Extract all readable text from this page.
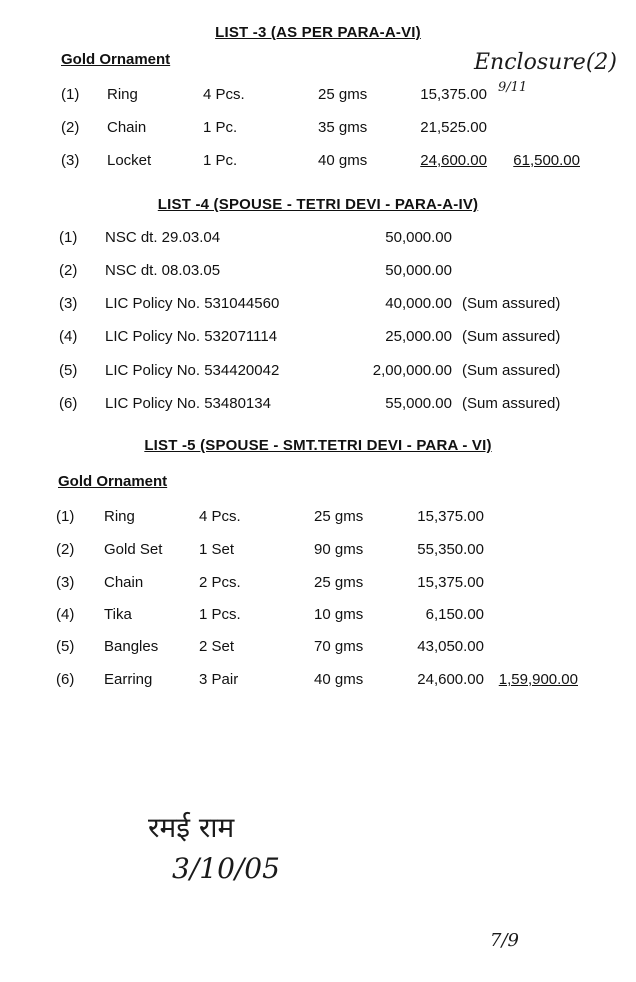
LIST -3 (AS PER PARA-A-VI)
Gold Ornament	Enclosure(2)
9/11
(1) Ring	4 Pcs.	25 gms	15,375.00
(2) Chain	1 Pc.	35 gms	21,525.00
(3) Locket	1 Pc.	40 gms	24,600.00	61,500.00
LIST -4 (SPOUSE - TETRI DEVI - PARA-A-IV)
(1) NSC dt. 29.03.04	50,000.00
(2) NSC dt. 08.03.05	50,000.00
(3) LIC Policy No. 531044560	40,000.00 (Sum assured)
(4) LIC Policy No. 532071114	25,000.00 (Sum assured)
(5) LIC Policy No. 534420042	2,00,000.00 (Sum assured)
(6) LIC Policy No. 53480134	55,000.00 (Sum assured)
LIST -5 (SPOUSE - SMT.TETRI DEVI - PARA - VI)
Gold Ornament
(1) Ring	4 Pcs.	25 gms	15,375.00
(2) Gold Set 1 Set	90 gms	55,350.00
(3) Chain	2 Pcs.	25 gms	15,375.00
(4) Tika	1 Pcs.	10 gms	6,150.00
(5) Bangles	2 Set	70 gms	43,050.00
(6) Earring	3 Pair	40 gms	24,600.00 1,59,900.00
रमई राम
3/10/05
7/9
